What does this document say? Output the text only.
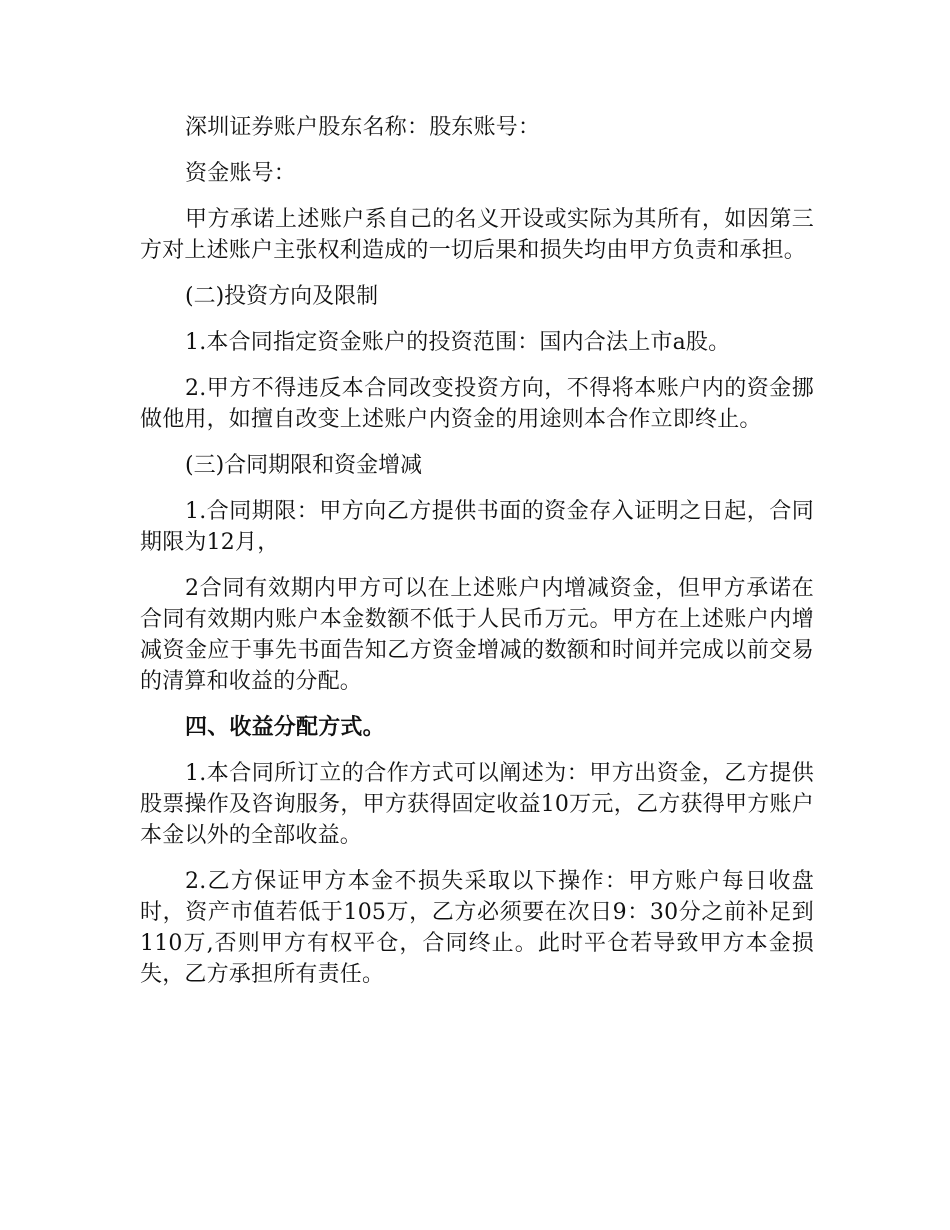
深圳证券账户股东名称：股东账号：

资金账号：

甲方承诺上述账户系自己的名义开设或实际为其所有，如因第三方对上述账户主张权利造成的一切后果和损失均由甲方负责和承担。

(二)投资方向及限制

1.本合同指定资金账户的投资范围：国内合法上市a股。

2.甲方不得违反本合同改变投资方向，不得将本账户内的资金挪做他用，如擅自改变上述账户内资金的用途则本合作立即终止。

(三)合同期限和资金增减

1.合同期限：甲方向乙方提供书面的资金存入证明之日起，合同期限为12月，

2合同有效期内甲方可以在上述账户内增减资金，但甲方承诺在合同有效期内账户本金数额不低于人民币万元。甲方在上述账户内增减资金应于事先书面告知乙方资金增减的数额和时间并完成以前交易的清算和收益的分配。

四、收益分配方式。

1.本合同所订立的合作方式可以阐述为：甲方出资金，乙方提供股票操作及咨询服务，甲方获得固定收益10万元，乙方获得甲方账户本金以外的全部收益。

2.乙方保证甲方本金不损失采取以下操作：甲方账户每日收盘时，资产市值若低于105万，乙方必须要在次日9：30分之前补足到110万,否则甲方有权平仓，合同终止。此时平仓若导致甲方本金损失，乙方承担所有责任。
